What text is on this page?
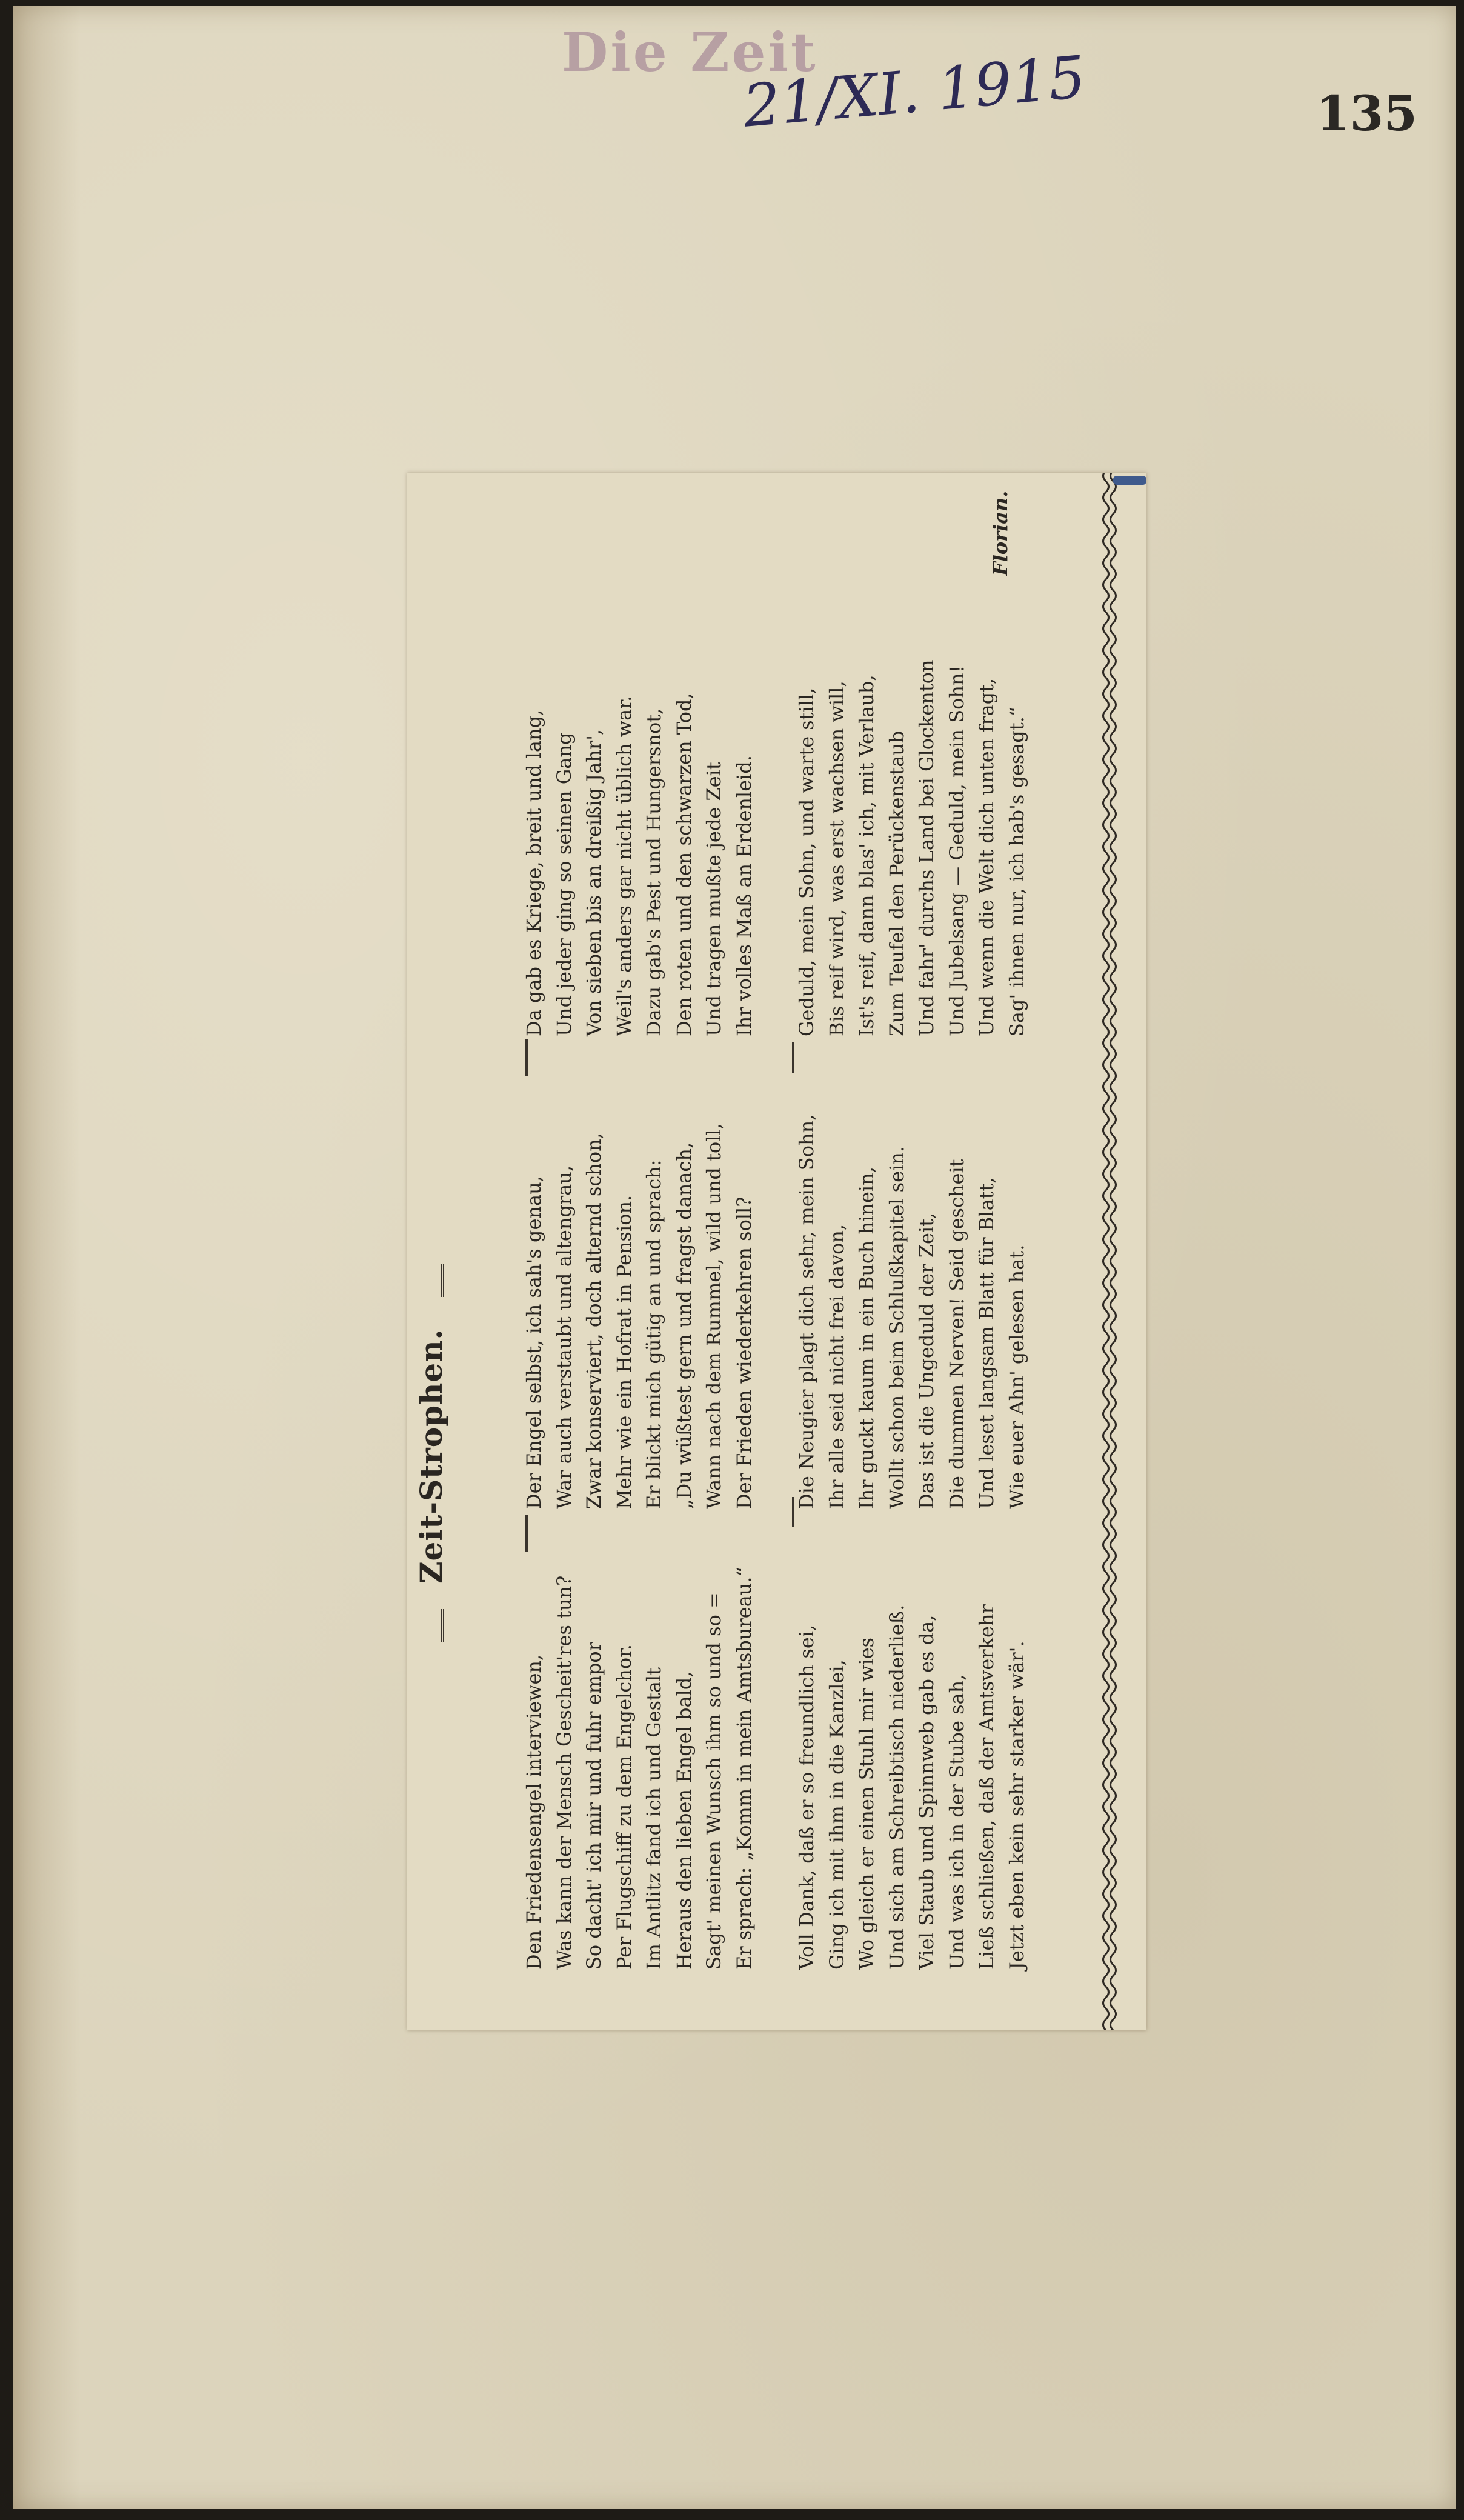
Die Zeit

21/XI. 1915	135

Zeit-Strophen.
Den Friedensengel interviewen, Was kann der Mensch Gescheit'res tun? So dacht' ich mir und fuhr empor Per Flugschiff zu dem Engelchor. Im Antlitz fand ich und Gestalt Heraus den lieben Engel bald, Sagt' meinen Wunsch ihm so und so = Er sprach: „Komm in mein Amtsbureau.“ Voll Dank, daß er so freundlich sei, Ging ich mit ihm in die Kanzlei, Wo gleich er einen Stuhl mir wies Und sich am Schreibtisch niederließ. Viel Staub und Spinnweb gab es da, Und was ich in der Stube sah, Ließ schließen, daß der Amtsverkehr Jetzt eben kein sehr starker wär'.
Der Engel selbst, ich sah's genau, War auch verstaubt und altengrau, Zwar konserviert, doch alternd schon, Mehr wie ein Hofrat in Pension. Er blickt mich gütig an und sprach: „Du wüßtest gern und fragst danach, Wann nach dem Rummel, wild und toll, Der Frieden wiederkehren soll? Die Neugier plagt dich sehr, mein Sohn, Ihr alle seid nicht frei davon, Ihr guckt kaum in ein Buch hinein, Wollt schon beim Schlußkapitel sein. Das ist die Ungeduld der Zeit, Die dummen Nerven! Seid gescheit Und leset langsam Blatt für Blatt, Wie euer Ahn' gelesen hat.
Da gab es Kriege, breit und lang, Und jeder ging so seinen Gang Von sieben bis an dreißig Jahr', Weil's anders gar nicht üblich war. Dazu gab's Pest und Hungersnot, Den roten und den schwarzen Tod, Und tragen mußte jede Zeit Ihr volles Maß an Erdenleid. Geduld, mein Sohn, und warte still, Bis reif wird, was erst wachsen will, Ist's reif, dann blas' ich, mit Verlaub, Zum Teufel den Perückenstaub Und fahr' durchs Land bei Glockenton Und Jubelsang — Geduld, mein Sohn! Und wenn die Welt dich unten fragt, Sag' ihnen nur, ich hab's gesagt.“

Florian.
